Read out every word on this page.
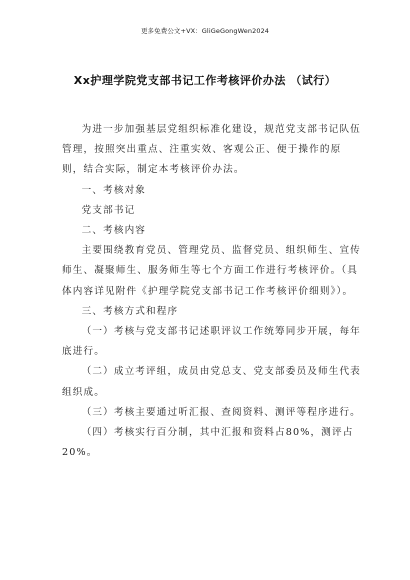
更多免费公文+VX：GliGeGongWen2024
Xx护理学院党支部书记工作考核评价办法 （试行）

为进一步加强基层党组织标准化建设，规范党支部书记队伍管理，按照突出重点、注重实效、客观公正、便于操作的原则，结合实际，制定本考核评价办法。

一、考核对象

党支部书记

二、考核内容

主要围绕教育党员、管理党员、监督党员、组织师生、宣传师生、凝聚师生、服务师生等七个方面工作进行考核评价。（具体内容详见附件《护理学院党支部书记工作考核评价细则》）。

三、考核方式和程序

（一）考核与党支部书记述职评议工作统筹同步开展，每年底进行。

（二）成立考评组，成员由党总支、党支部委员及师生代表组织成。

（三）考核主要通过听汇报、查阅资料、测评等程序进行。

（四）考核实行百分制，其中汇报和资料占80%，测评占20%。
